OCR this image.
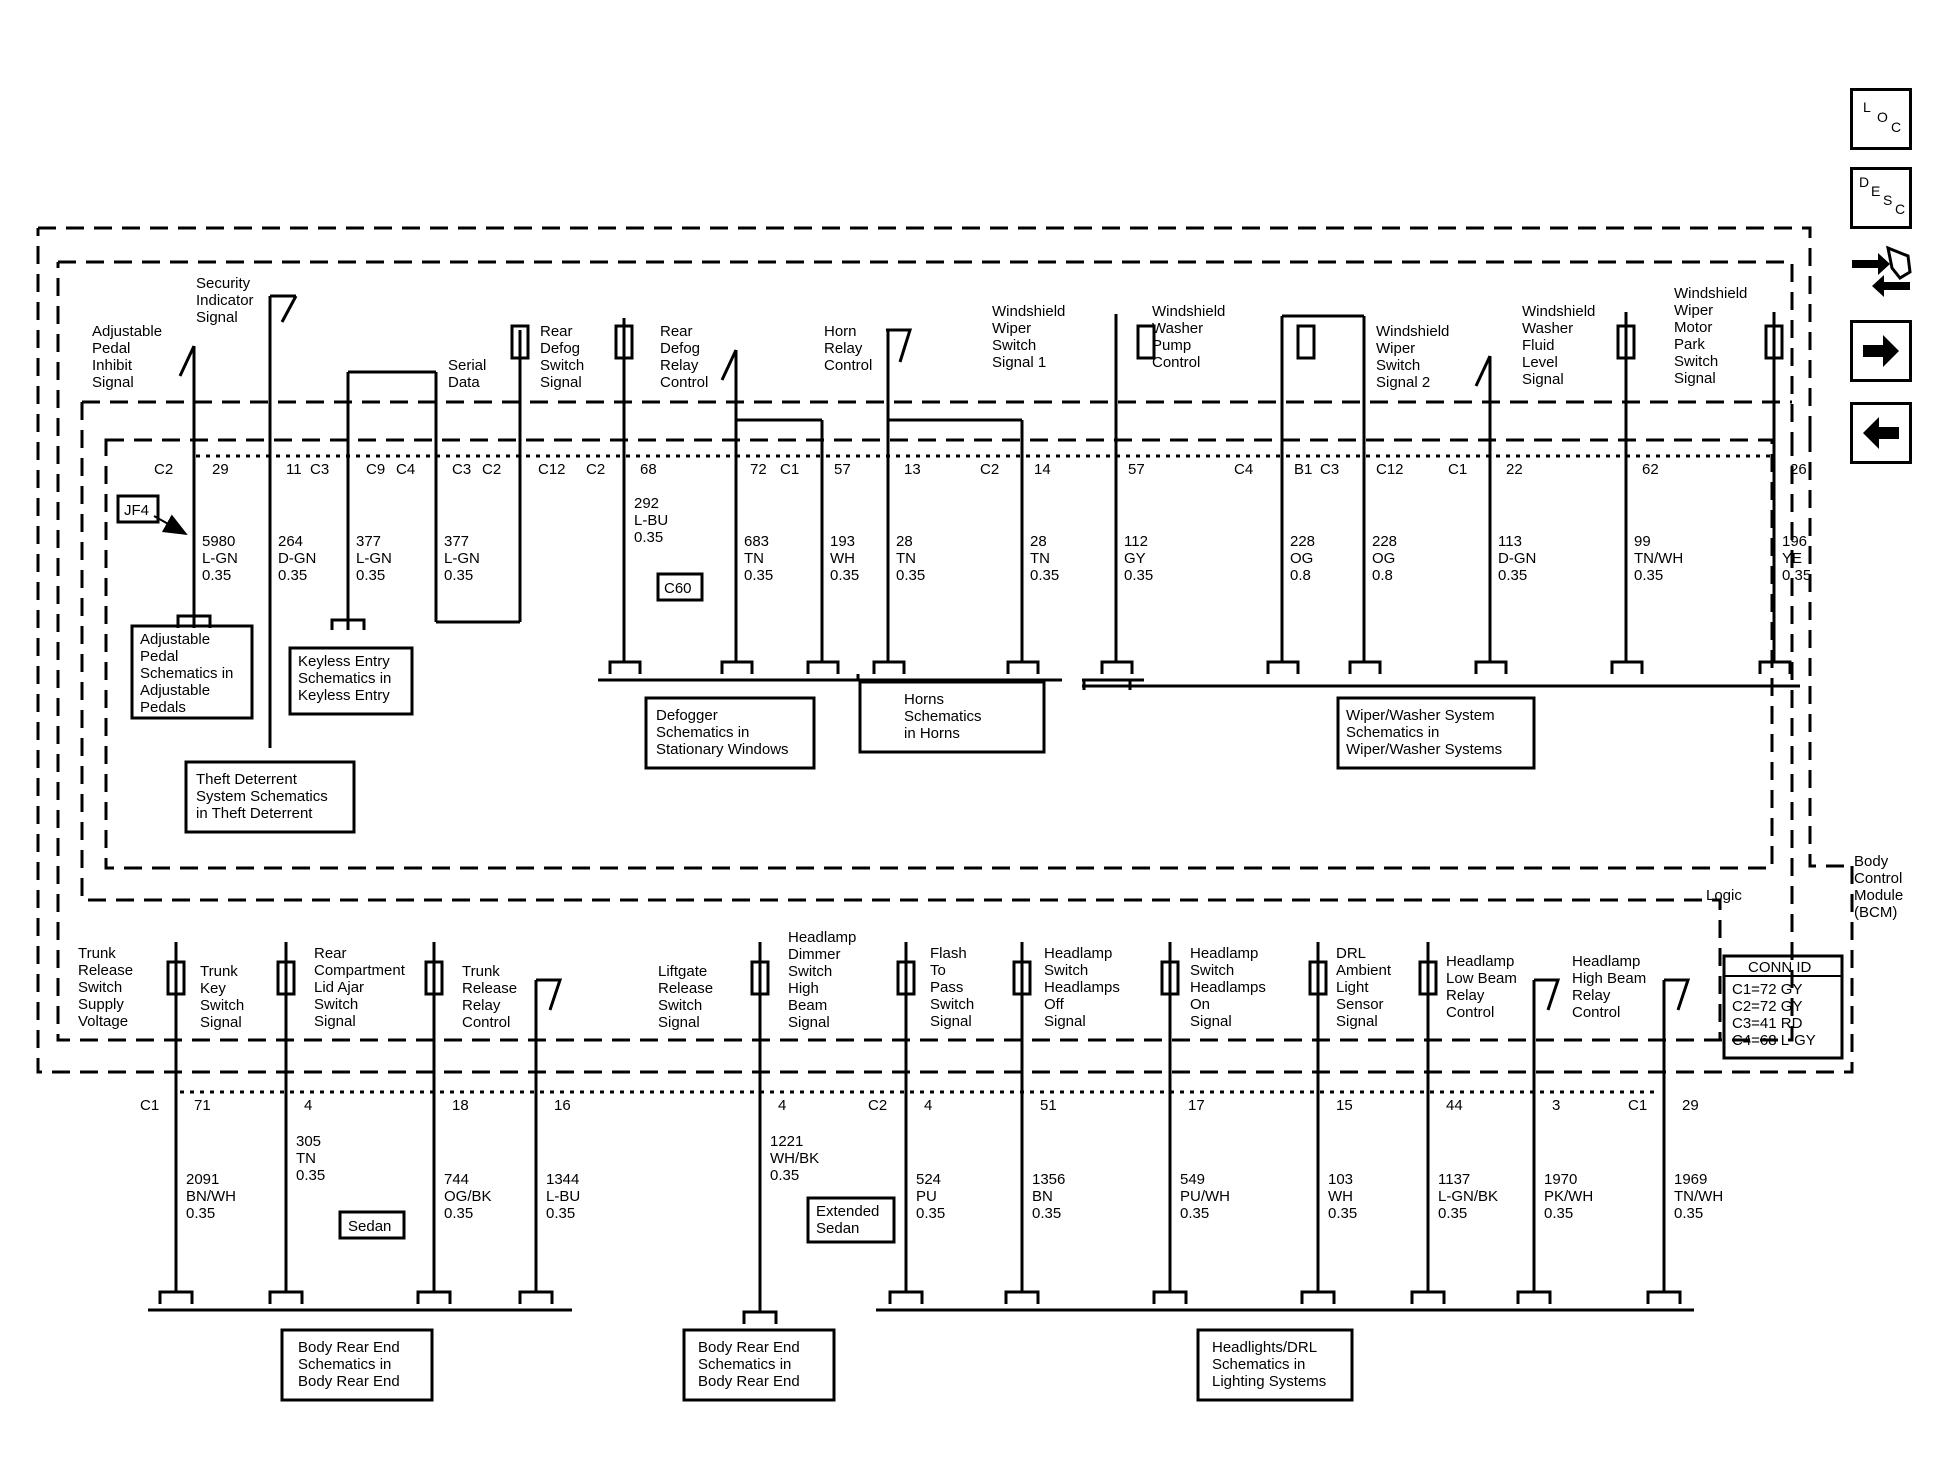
L
O
C
D
E
S
C
Adjustable Pedal Inhibit Signal
Security Indicator Signal
Serial Data
Rear Defog Switch Signal
Rear Defog Relay Control
Horn Relay Control
Windshield Wiper Switch Signal 1
Windshield Washer Pump Control
Windshield Wiper Switch Signal 2
Windshield Washer Fluid Level Signal
Windshield Wiper Motor Park Switch Signal
C2	29	11 C3 C9 C4 C3 C2 C12 C2 68	72 C1 57	13	C2 14	57	C4	B1 C3 C12	C1	22	62	26
5980 L-GN 0.35
264 D-GN 0.35
377 L-GN 0.35
377 L-GN 0.35
292 L-BU 0.35	683 TN 0.35
193 WH 0.35
28 TN 0.35
28 TN 0.35
112 GY 0.35
228 OG 0.8
228 OG 0.8
113 D-GN 0.35
99 TN/WH 0.35
196 YE 0.35
JF4
C60
Sedan
Extended Sedan
Adjustable Pedal Schematics in Adjustable Pedals
Keyless Entry Schematics in Keyless Entry
Theft Deterrent System Schematics in Theft Deterrent
Defogger Schematics in Stationary Windows
Horns Schematics in Horns
Wiper/Washer System Schematics in Wiper/Washer Systems
Logic
Body Control Module (BCM)
CONN ID
C1=72 GY C2=72 GY C3=41 RD C4=68 L-GY
Trunk Release Switch Supply Voltage
Trunk Key Switch Signal
Rear Compartment Lid Ajar Switch Signal
Trunk Release Relay Control
Liftgate Release Switch Signal
Headlamp Dimmer Switch High Beam Signal
Flash To Pass Switch Signal
Headlamp Switch Headlamps Off Signal
Headlamp Switch Headlamps On Signal
DRL Ambient Light Sensor Signal
Headlamp Low Beam Relay Control
Headlamp High Beam Relay Control
C1 71	4	18	16	4	C2 4	51	17	15	44	3	C1 29
2091 BN/WH 0.35
305 TN 0.35	744 OG/BK 0.35
1344 L-BU 0.35
1221 WH/BK 0.35	524 PU 0.35
1356 BN 0.35
549 PU/WH 0.35
103 WH 0.35
1137 L-GN/BK 0.35
1970 PK/WH 0.35
1969 TN/WH 0.35
Body Rear End Schematics in Body Rear End
Body Rear End Schematics in Body Rear End
Headlights/DRL Schematics in Lighting Systems
